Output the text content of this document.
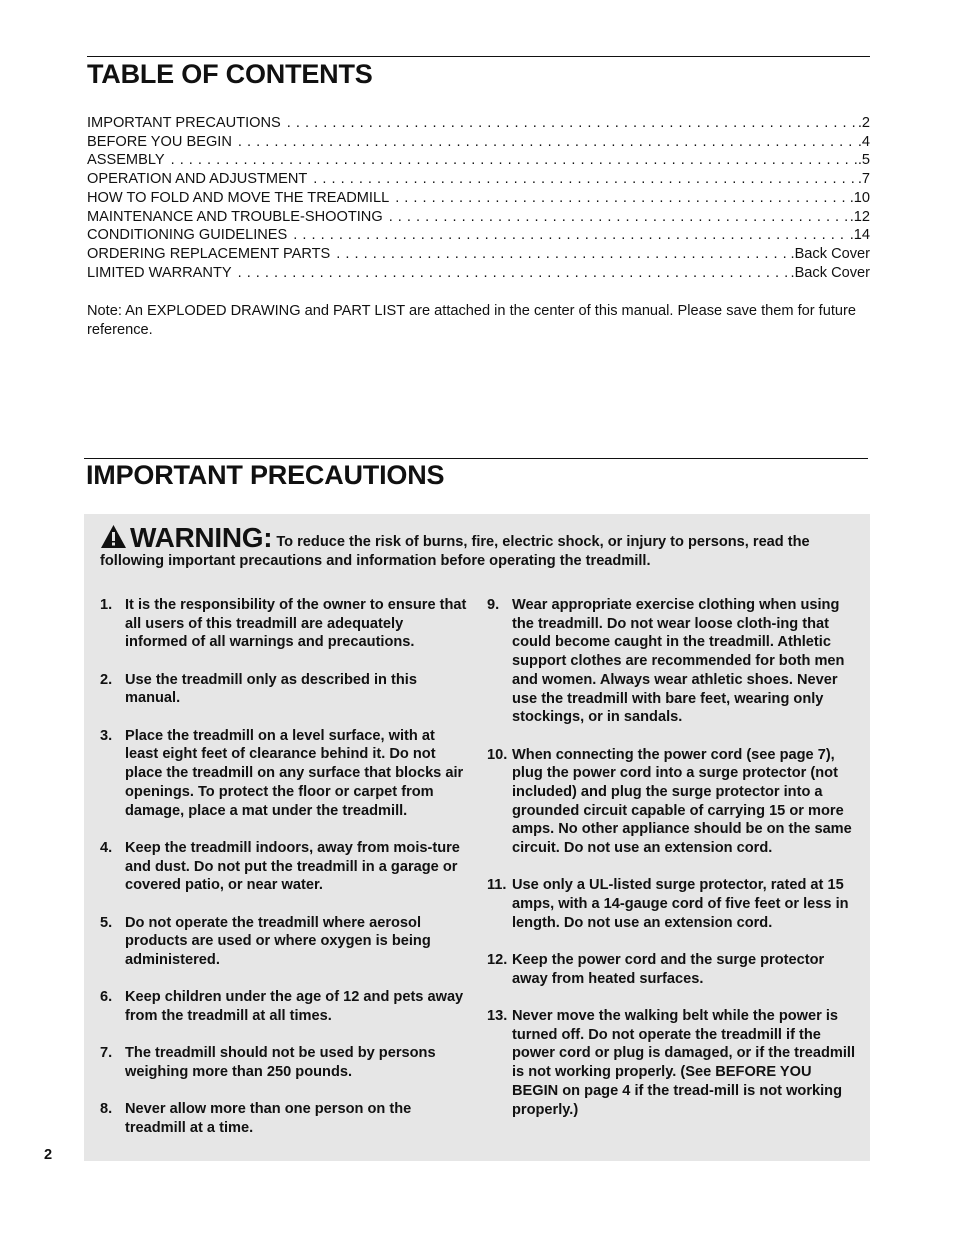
TABLE OF CONTENTS
IMPORTANT PRECAUTIONS . . .	.2
BEFORE YOU BEGIN . . .	.4
ASSEMBLY . . .	.5
OPERATION AND ADJUSTMENT . . .	.7
HOW TO FOLD AND MOVE THE TREADMILL . . .	.10
MAINTENANCE AND TROUBLE-SHOOTING . . .	.12
CONDITIONING GUIDELINES . . .	.14
ORDERING REPLACEMENT PARTS . . .	.Back Cover
LIMITED WARRANTY . . .	.Back Cover

Note: An EXPLODED DRAWING and PART LIST are attached in the center of this manual. Please save them for future reference.

IMPORTANT PRECAUTIONS

WARNING: To reduce the risk of burns, fire, electric shock, or injury to persons, read the following important precautions and information before operating the treadmill.

1. It is the responsibility of the owner to ensure that all users of this treadmill are adequately informed of all warnings and precautions.
2. Use the treadmill only as described in this manual.
3. Place the treadmill on a level surface, with at least eight feet of clearance behind it. Do not place the treadmill on any surface that blocks air openings. To protect the floor or carpet from damage, place a mat under the treadmill.
4. Keep the treadmill indoors, away from mois-ture and dust. Do not put the treadmill in a garage or covered patio, or near water.
5. Do not operate the treadmill where aerosol products are used or where oxygen is being administered.
6. Keep children under the age of 12 and pets away from the treadmill at all times.
7. The treadmill should not be used by persons weighing more than 250 pounds.
8. Never allow more than one person on the treadmill at a time.
9. Wear appropriate exercise clothing when using the treadmill. Do not wear loose cloth-ing that could become caught in the treadmill. Athletic support clothes are recommended for both men and women. Always wear athletic shoes. Never use the treadmill with bare feet, wearing only stockings, or in sandals.
10. When connecting the power cord (see page 7), plug the power cord into a surge protector (not included) and plug the surge protector into a grounded circuit capable of carrying 15 or more amps. No other appliance should be on the same circuit. Do not use an extension cord.
11. Use only a UL-listed surge protector, rated at 15 amps, with a 14-gauge cord of five feet or less in length. Do not use an extension cord.
12. Keep the power cord and the surge protector away from heated surfaces.
13. Never move the walking belt while the power is turned off. Do not operate the treadmill if the power cord or plug is damaged, or if the treadmill is not working properly. (See BEFORE YOU BEGIN on page 4 if the tread-mill is not working properly.)
2
